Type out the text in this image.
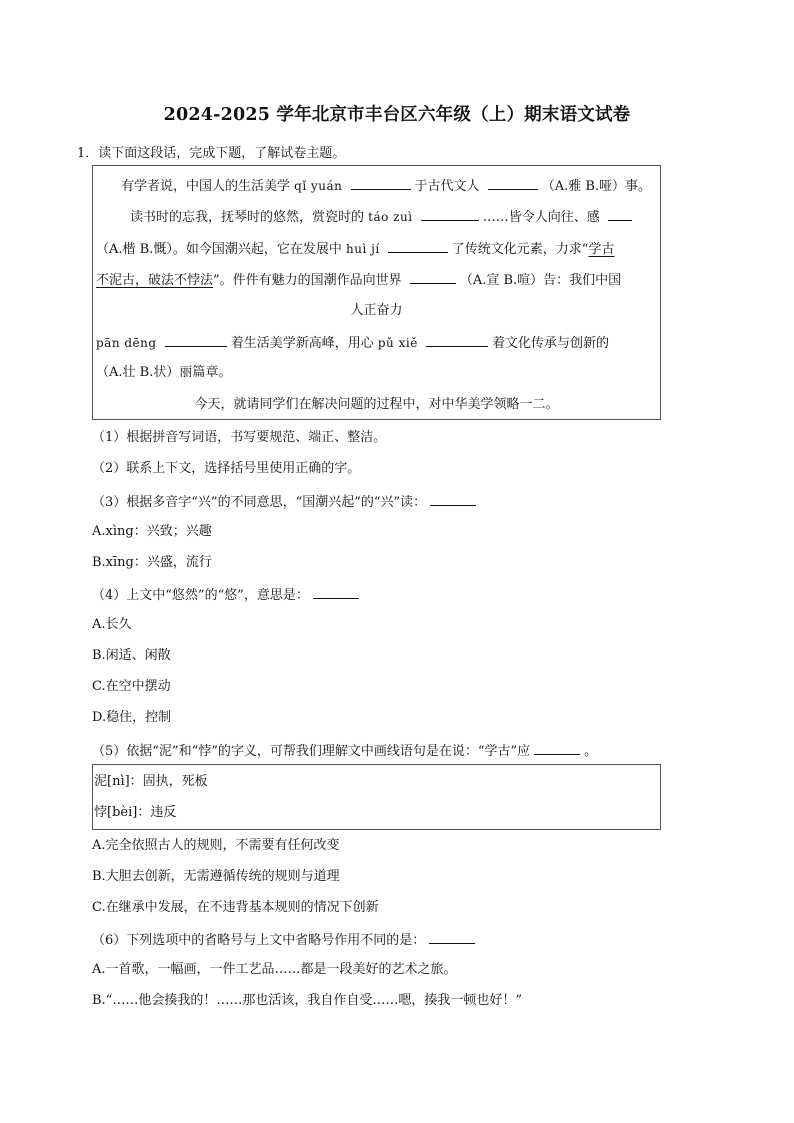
2024-2025 学年北京市丰台区六年级（上）期末语文试卷
1．读下面这段话，完成下题，了解试卷主题。
有学者说，中国人的生活美学 qǐ yuán	于古代文人	（A.雅 B.哑）事。
读书时的忘我，抚琴时的悠然，赏瓷时的 táo zuì	……皆令人向往、感
（A.楷 B.慨）。如今国潮兴起，它在发展中 huì jí	了传统文化元素，力求“学古
不泥古，破法不悖法”。件件有魅力的国潮作品向世界	（A.宣 B.喧）告：我们中国
人正奋力
pān dēng	着生活美学新高峰，用心 pǔ xiě	着文化传承与创新的
（A.壮 B.状）丽篇章。
今天，就请同学们在解决问题的过程中，对中华美学领略一二。
（1）根据拼音写词语，书写要规范、端正、整洁。
（2）联系上下文，选择括号里使用正确的字。
（3）根据多音字“兴”的不同意思，“国潮兴起”的“兴”读：
A.xìng：兴致；兴趣
B.xīng：兴盛，流行
（4）上文中“悠然”的“悠”，意思是：
A.长久
B.闲适、闲散
C.在空中摆动
D.稳住，控制
（5）依据“泥”和“悖”的字义，可帮我们理解文中画线语句是在说：“学古”应	。
泥[nì]：固执，死板
悖[bèi]：违反
A.完全依照古人的规则，不需要有任何改变
B.大胆去创新，无需遵循传统的规则与道理
C.在继承中发展，在不违背基本规则的情况下创新
（6）下列选项中的省略号与上文中省略号作用不同的是：
A.一首歌，一幅画，一件工艺品……都是一段美好的艺术之旅。
B.“……他会揍我的！……那也活该，我自作自受……嗯，揍我一顿也好！”
